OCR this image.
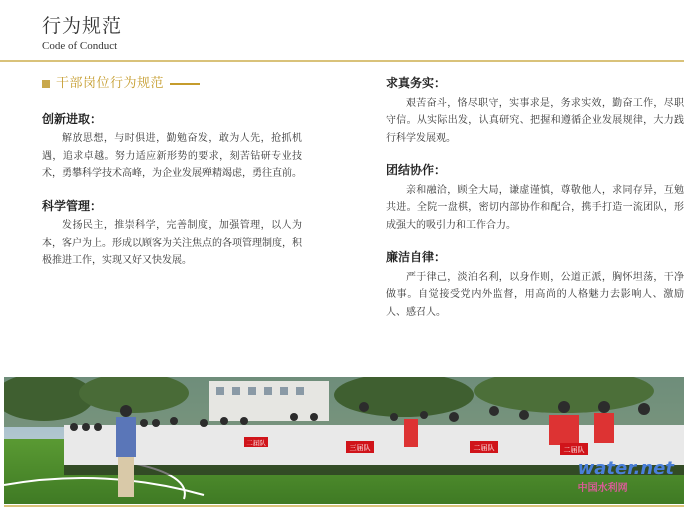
行为规范
Code of Conduct
干部岗位行为规范
创新进取：

解放思想，与时俱进，勤勉奋发，敢为人先，抢抓机遇，追求卓越。努力适应新形势的要求，刻苦钻研专业技术，勇攀科学技术高峰，为企业发展殚精竭虑，勇往直前。

科学管理：

发扬民主，推崇科学，完善制度，加强管理，以人为本，客户为上。形成以顾客为关注焦点的各项管理制度，积极推进工作，实现又好又快发展。

求真务实：

艰苦奋斗，恪尽职守，实事求是，务求实效，勤奋工作，尽职守信。从实际出发，认真研究、把握和遵循企业发展规律，大力践行科学发展观。

团结协作：

亲和融洽，顾全大局，谦虚谨慎，尊敬他人，求同存异，互勉共进。全院一盘棋，密切内部协作和配合，携手打造一流团队，形成强大的吸引力和工作合力。

廉洁自律：

严于律己，淡泊名利，以身作则，公道正派，胸怀坦荡，干净做事。自觉接受党内外监督，用高尚的人格魅力去影响人、激励人、感召人。

二届队
三届队	二届队	二届队
water.net
中国水利网
